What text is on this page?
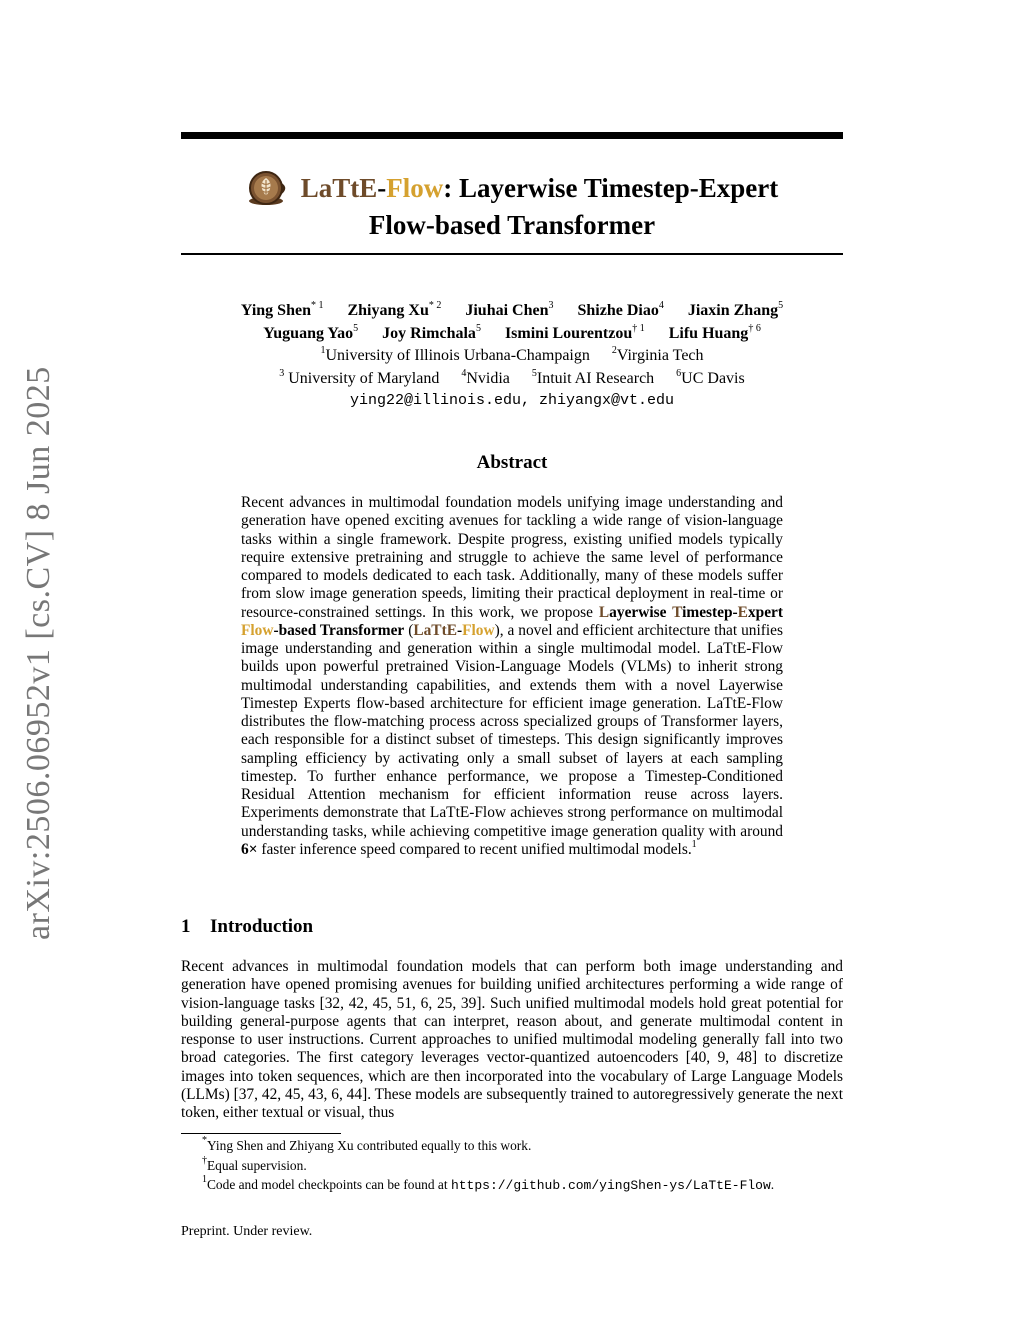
arXiv:2506.06952v1 [cs.CV] 8 Jun 2025
LaTtE-Flow: Layerwise Timestep-Expert
Flow-based Transformer
Ying Shen$^{* 1}$ Zhiyang Xu$^{* 2}$ Jiuhai Chen$^3$ Shizhe Diao$^4$ Jiaxin Zhang$^5$
Yuguang Yao$^5$ Joy Rimchala$^5$ Ismini Lourentzou$^{\dagger 1}$ Lifu Huang$^{\dagger 6}$
$^1$University of Illinois Urbana-Champaign $^2$Virginia Tech
$^3$ University of Maryland $^4$Nvidia $^5$Intuit AI Research $^6$UC Davis
ying22@illinois.edu, zhiyangx@vt.edu
Abstract
Recent advances in multimodal foundation models unifying image understanding and generation have opened exciting avenues for tackling a wide range of vision-language tasks within a single framework. Despite progress, existing unified models typically require extensive pretraining and struggle to achieve the same level of performance compared to models dedicated to each task. Additionally, many of these models suffer from slow image generation speeds, limiting their practical deployment in real-time or resource-constrained settings. In this work, we propose Layerwise Timestep-Expert Flow-based Transformer (LaTtE-Flow), a novel and efficient architecture that unifies image understanding and generation within a single multimodal model. LaTtE-Flow builds upon powerful pretrained Vision-Language Models (VLMs) to inherit strong multimodal understanding capabilities, and extends them with a novel Layerwise Timestep Experts flow-based architecture for efficient image generation. LaTtE-Flow distributes the flow-matching process across specialized groups of Transformer layers, each responsible for a distinct subset of timesteps. This design significantly improves sampling efficiency by activating only a small subset of layers at each sampling timestep. To further enhance performance, we propose a Timestep-Conditioned Residual Attention mechanism for efficient information reuse across layers. Experiments demonstrate that LaTtE-Flow achieves strong performance on multimodal understanding tasks, while achieving competitive image generation quality with around 6× faster inference speed compared to recent unified multimodal models.$^1$
1 Introduction
Recent advances in multimodal foundation models that can perform both image understanding and generation have opened promising avenues for building unified architectures performing a wide range of vision-language tasks [32, 42, 45, 51, 6, 25, 39]. Such unified multimodal models hold great potential for building general-purpose agents that can interpret, reason about, and generate multimodal content in response to user instructions. Current approaches to unified multimodal modeling generally fall into two broad categories. The first category leverages vector-quantized autoencoders [40, 9, 48] to discretize images into token sequences, which are then incorporated into the vocabulary of Large Language Models (LLMs) [37, 42, 45, 43, 6, 44]. These models are subsequently trained to autoregressively generate the next token, either textual or visual, thus
*Ying Shen and Zhiyang Xu contributed equally to this work.
†Equal supervision.
$^1$Code and model checkpoints can be found at https://github.com/yingShen-ys/LaTtE-Flow.
Preprint. Under review.
